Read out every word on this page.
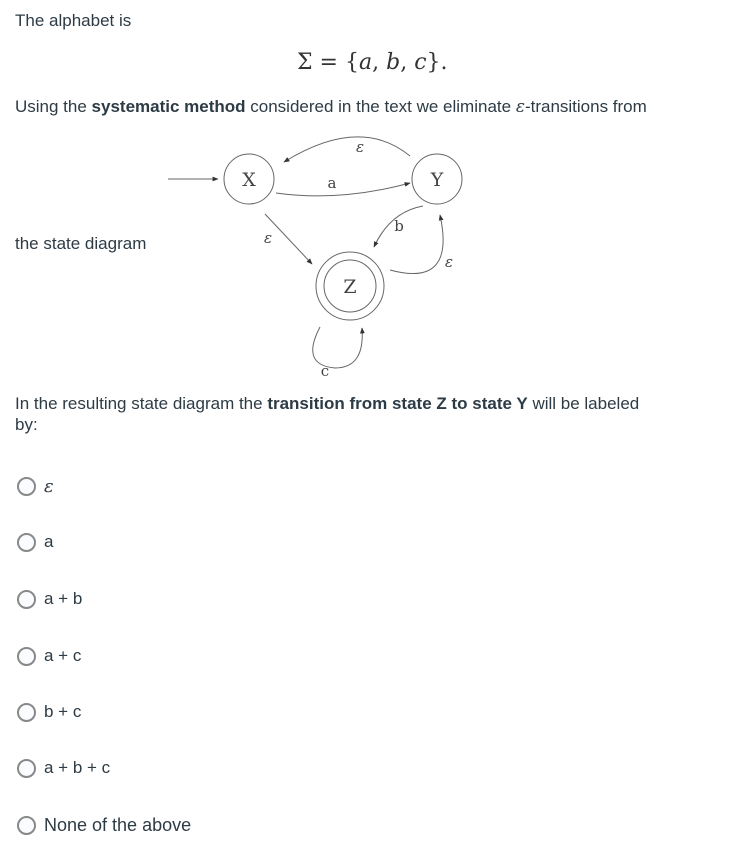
The alphabet is
Σ = {a, b, c}.
Using the systematic method considered in the text we eliminate ε-transitions from
the state diagram
X	Y
Z
a
ε
ε
b
ε
c
In the resulting state diagram the transition from state Z to state Y will be labeled
by:
ε
a
a + b
a + c
b + c
a + b + c
None of the above
